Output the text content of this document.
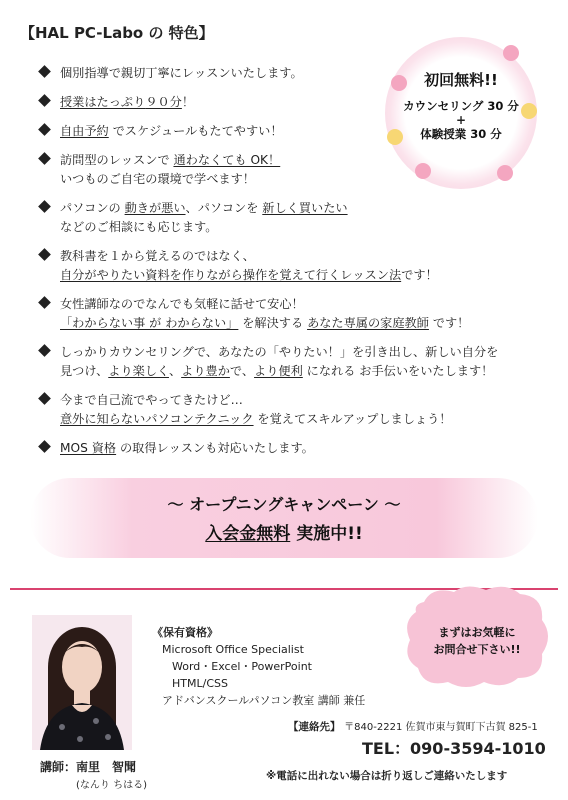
【HAL PC-Labo の 特色】
個別指導で親切丁寧にレッスンいたします。
授業はたっぷり９０分！
自由予約 でスケジュールもたてやすい！
訪問型のレッスンで 通わなくても OK！
いつものご自宅の環境で学べます！
パソコンの 動きが悪い、パソコンを 新しく買いたい
などのご相談にも応じます。
教科書を１から覚えるのではなく、
自分がやりたい資料を作りながら操作を覚えて行くレッスン法です！
女性講師なのでなんでも気軽に話せて安心！
「わからない事 が わからない」 を解決する あなた専属の家庭教師 です！
しっかりカウンセリングで、あなたの「やりたい！」を引き出し、新しい自分を
見つけ、より楽しく、より豊かで、より便利 になれる お手伝いをいたします！
今まで自己流でやってきたけど…
意外に知らないパソコンテクニック を覚えてスキルアップしましょう！
MOS 資格 の取得レッスンも対応いたします。
初回無料!!
カウンセリング 30 分
+
体験授業 30 分
～ オープニングキャンペーン ～
入会金無料 実施中!!
講師：南里　智聞
(なんり ちはる)
《保有資格》
Microsoft Office Specialist
Word・Excel・PowerPoint
HTML/CSS
アドバンスクールパソコン教室 講師 兼任
【連絡先】 〒840-2221 佐賀市東与賀町下古賀 825-1
TEL：090-3594-1010
※電話に出れない場合は折り返しご連絡いたします
まずはお気軽に
お問合せ下さい!!
